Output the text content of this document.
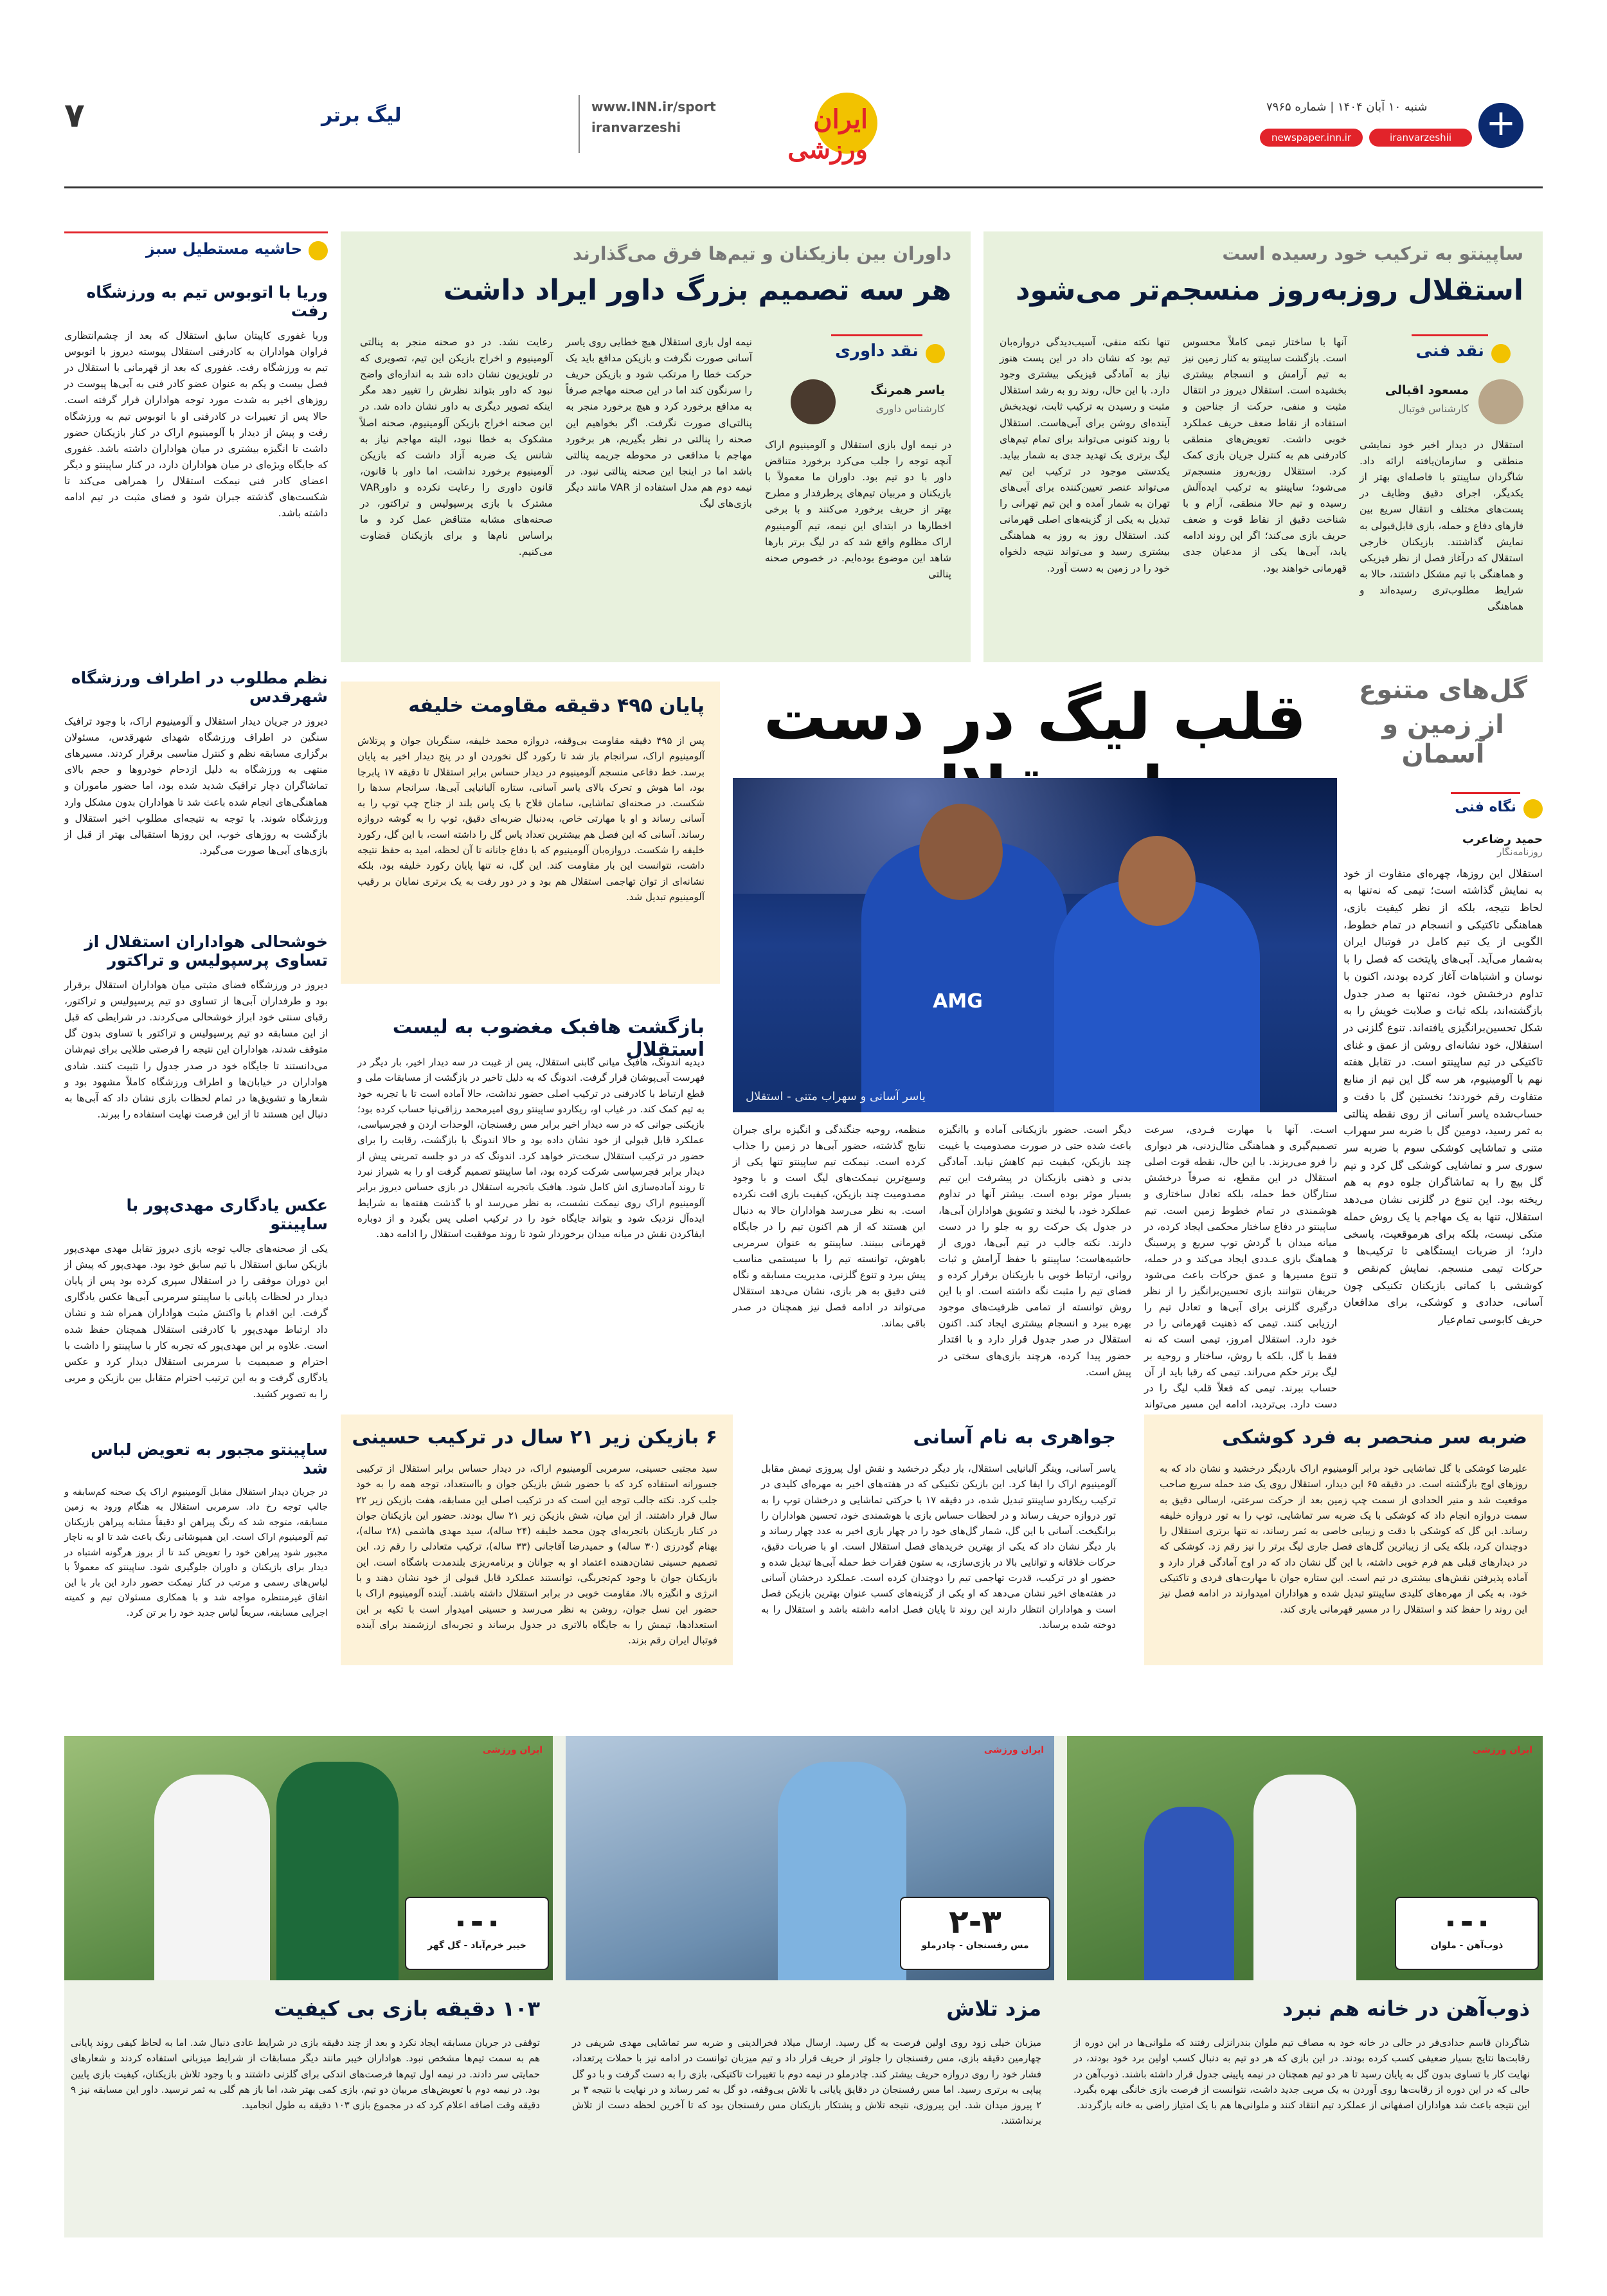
۷	لیگ برتر	www.INN.ir/sport
iranvarzeshi	ایران ورزشی
شنبه ۱۰ آبان ۱۴۰۴ | شماره ۷۹۶۵
newspaper.inn.ir	iranvarzeshii +
ساپینتو به ترکیب خود رسیده است
استقلال روزبه‌روز منسجم‌تر می‌شود
نقد فنی
مسعود اقبالی
کارشناس فوتبال

استقلال در دیدار اخیر خود نمایشی منطقی و سازمان‌یافته ارائه داد. شاگردان ساپینتو با فاصله‌ای بهتر از یکدیگر، اجرای دقیق وظایف در پست‌های مختلف و انتقال سریع بین فازهای دفاع و حمله، بازی قابل‌قبولی به نمایش گذاشتند. بازیکنان خارجی استقلال که درآغاز فصل از نظر فیزیکی و هماهنگی با تیم مشکل داشتند، حالا به شرایط مطلوب‌تری رسیده‌اند و هماهنگی

آنها با ساختار تیمی کاملاً محسوس است. بازگشت ساپینتو به کنار زمین نیز به تیم آرامش و انسجام بیشتری بخشیده است. استقلال دیروز در انتقال مثبت و منفی، حرکت از جناحین و استفاده از نقاط ضعف حریف عملکرد خوبی داشت. تعویض‌های منطقی کادرفنی هم به کنترل جریان بازی کمک کرد. استقلال روزبه‌روز منسجم‌تر می‌شود؛ ساپینتو به ترکیب ایده‌آلش رسیده و تیم حالا منطقی، آرام و با شناخت دقیق از نقاط قوت و ضعف حریف بازی می‌کند؛ اگر این روند ادامه یابد، آبی‌ها یکی از مدعیان جدی قهرمانی خواهند بود.

تنها نکته منفی، آسیب‌دیدگی دروازه‌بان تیم بود که نشان داد در این پست هنوز نیاز به آمادگی فیزیکی بیشتری وجود دارد. با این حال، روند رو به رشد استقلال مثبت و رسیدن به ترکیب ثابت، نوید‌بخش آینده‌ای روشن برای آبی‌هاست. استقلال با روند کنونی می‌تواند برای تمام تیم‌های لیگ برتری یک تهدید جدی به شمار بیاید. یکدستی موجود در ترکیب این تیم می‌تواند عنصر تعیین‌کننده برای آبی‌های تهران به شمار آمده و این تیم تهرانی را تبدیل به یکی از گزینه‌های اصلی قهرمانی کند. استقلال روز به روز به هماهنگی بیشتری رسید و می‌تواند نتیجه دلخواه خود را در زمین به دست آورد.

داوران بین بازیکنان و تیم‌ها فرق می‌گذارند
هر سه تصمیم بزرگ داور ایراد داشت
نقد داوری
یاسر همرنگ
کارشناس داوری

در نیمه اول بازی استقلال و آلومینیوم اراک آنچه توجه را جلب می‌کرد برخورد متناقض داور با دو تیم بود. داوران ما معمولاً با بازیکنان و مربیان تیم‌های پرطرفدار و مطرح بهتر از حریف برخورد می‌کنند و با برخی اخطارها در ابتدای این نیمه، تیم آلومینیوم اراک مظلوم واقع شد که در لیگ برتر بارها شاهد این موضوع بوده‌ایم. در خصوص صحنه پنالتی

نیمه اول بازی استقلال هیچ خطایی روی یاسر آسانی صورت نگرفت و بازیکن مدافع باید یک حرکت خطا را مرتکب شود و بازیکن حریف را سرنگون کند اما در این صحنه مهاجم صرفاً به مدافع برخورد کرد و هیچ برخورد منجر به پنالتی‌ای صورت نگرفت. اگر بخواهیم این صحنه را پنالتی در نظر بگیریم، هر برخورد مهاجم با مدافعی در محوطه جریمه پنالتی باشد اما در اینجا این صحنه پنالتی نبود. در نیمه دوم هم مدل استفاده از VAR مانند دیگر بازی‌های لیگ

رعایت نشد. در دو صحنه منجر به پنالتی آلومینیوم و اخراج بازیکن این تیم، تصویری که در تلویزیون نشان داده شد به اندازه‌ای واضح نبود که داور بتواند نظرش را تغییر دهد مگر اینکه تصویر دیگری به داور نشان داده شد. در این صحنه اخراج بازیکن آلومینیوم، صحنه اصلاً مشکوک به خطا نبود، البته مهاجم نیاز به شانس یک ضربه آزاد داشت که بازیکن آلومینیوم برخورد نداشت، اما داور با قانون، قانون داوری را رعایت نکرده و داورVAR مشترک با بازی پرسپولیس و تراکتور، در صحنه‌های مشابه متناقض عمل کرد و ما براساس نام‌ها و برای بازیکنان قضاوت می‌کنیم.

حاشیه مستطیل سبز
وریا با اتوبوس تیم به ورزشگاه رفت

وریا غفوری کاپیتان سابق استقلال که بعد از چشم‌انتظاری فراوان هواداران به کادرفنی استقلال پیوسته دیروز با اتوبوس تیم به ورزشگاه رفت. غفوری که بعد از قهرمانی با استقلال در فصل بیست و یکم به عنوان عضو کادر فنی به آبی‌ها پیوست در روزهای اخیر به شدت مورد توجه هواداران قرار گرفته است. حالا پس از تغییرات در کادرفنی او با اتوبوس تیم به ورزشگاه رفت و پیش از دیدار با آلومینیوم اراک در کنار بازیکنان حضور داشت تا انگیزه بیشتری در میان هواداران داشته باشد. غفوری که جایگاه ویژه‌ای در میان هواداران دارد، در کنار ساپینتو و دیگر اعضای کادر فنی نیمکت استقلال را همراهی می‌کند تا شکست‌های گذشته جبران شود و فضای مثبت در تیم ادامه داشته باشد.

نظم مطلوب در اطراف ورزشگاه شهرقدس

دیروز در جریان دیدار استقلال و آلومینیوم اراک، با وجود ترافیک سنگین در اطراف ورزشگاه شهدای شهرقدس، مسئولان برگزاری مسابقه نظم و کنترل مناسبی برقرار کردند. مسیرهای منتهی به ورزشگاه به دلیل ازدحام خودروها و حجم بالای تماشاگران دچار ترافیک شدید شده بود، اما حضور ماموران و هماهنگی‌های انجام شده باعث شد تا هواداران بدون مشکل وارد ورزشگاه شوند. با توجه به نتیجه‌ای مطلوب اخیر استقلال و بازگشت به روزهای خوب، این روزها استقبالی بهتر از قبل از بازی‌های آبی‌ها صورت می‌گیرد.

خوشحالی هواداران استقلال از تساوی پرسپولیس و تراکتور

دیروز در ورزشگاه فضای مثبتی میان هواداران استقلال برقرار بود و طرفداران آبی‌ها از تساوی دو تیم پرسپولیس و تراکتور، رقبای سنتی خود ابراز خوشحالی می‌کردند. در شرایطی که قبل از این مسابقه دو تیم پرسپولیس و تراکتور با تساوی بدون گل متوقف شدند، هواداران این نتیجه را فرصتی طلایی برای تیم‌شان می‌دانستند تا جایگاه خود در صدر جدول را تثبیت کنند. شادی هواداران در خیابان‌ها و اطراف ورزشگاه کاملاً مشهود بود و شعارها و تشویق‌ها در تمام لحظات بازی نشان داد که آبی‌ها به دنبال این هستند تا از این فرصت نهایت استفاده را ببرند.

عکس یادگاری مهدی‌پور با ساپینتو

یکی از صحنه‌های جالب توجه بازی دیروز تقابل مهدی مهدی‌پور بازیکن سابق استقلال با تیم سابق خود بود. مهدی‌پور که پیش از این دوران موفقی را در استقلال سپری کرده بود پس از پایان دیدار در لحظات پایانی با ساپینتو سرمربی آبی‌ها عکس یادگاری گرفت. این اقدام با واکنش مثبت هواداران همراه شد و نشان داد ارتباط مهدی‌پور با کادرفنی استقلال همچنان حفظ شده است. علاوه بر این مهدی‌پور که تجربه کار با ساپینتو را داشت با احترام و صمیمیت با سرمربی استقلال دیدار کرد و عکس یادگاری گرفت و به این ترتیب احترام متقابل بین بازیکن و مربی را به تصویر کشید.

ساپینتو مجبور به تعویض لباس شد

در جریان دیدار استقلال مقابل آلومینیوم اراک یک صحنه کم‌سابقه و جالب توجه رخ داد. سرمربی استقلال به هنگام ورود به زمین مسابقه، متوجه شد که رنگ پیراهن او دقیقاً مشابه پیراهن بازیکنان تیم آلومینیوم اراک است. این همپوشانی رنگ باعث شد تا او به ناچار مجبور شود پیراهن خود را تعویض کند تا از بروز هرگونه اشتباه در دیدار برای بازیکنان و داوران جلوگیری شود. ساپینتو که معمولاً با لباس‌های رسمی و مرتب در کنار نیمکت حضور دارد این بار با این اتفاق غیرمنتظره مواجه شد و با همکاری مسئولان تیم و کمیته اجرایی مسابقه، سریعاً لباس جدید خود را بر تن کرد.

گل‌های متنوع
از زمین و آسمان
نگاه فنی
حمید رضاعرب
روزنامه‌نگار

استقلال این روزها، چهره‌ای متفاوت از خود به نمایش گذاشته است؛ تیمی که نه‌تنها به لحاظ نتیجه، بلکه از نظر کیفیت بازی، هماهنگی تاکتیکی و انسجام در تمام خطوط، الگویی از یک تیم کامل در فوتبال ایران به‌شمار می‌آید. آبی‌های پایتخت که فصل را با نوسان و اشتباهات آغاز کرده بودند، اکنون با تداوم درخشش خود، نه‌تنها به صدر جدول بازگشته‌اند، بلکه ثبات و صلابت خویش را به شکل تحسین‌برانگیزی یافته‌اند. تنوع گلزنی در استقلال، خود نشانه‌ای روشن از عمق و غنای تاکتیکی در تیم ساپینتو است. در تقابل هفته نهم با آلومینیوم، هر سه گل این تیم از منابع متفاوت رقم خوردند؛ نخستین گل با دقت و حساب‌شده یاسر آسانی از روی نقطه پنالتی به ثمر رسید، دومین گل با ضربه سر سهراب متنی و تماشایی کوشکی سوم با ضربه سر سوری سر و تماشایی کوشکی گل کرد و تیم گل بیچ را به تماشاگران جلوه دوم به هم ریخته بود. این تنوع در گلزنی نشان می‌دهد استقلال، تنها به یک مهاجم یا یک روش حمله متکی نیست، بلکه برای هرموقعیت، پاسخی دارد؛ از ضربات ایستگاهی تا ترکیب‌ها و حرکات تیمی منسجم. نمایش کم‌نقص و کوششی با کمانی بازیکنان تکنیکی چون آسانی، حدادی و کوشکی، برای مدافعان حریف کابوسی تمام‌عیار

قلب لیگ در دست
AMG
یاسر آسانی و سهراب متنی - استقلال

اسـت. آنها با مهارت فـردی، سرعت تصمیم‌گیری و هماهنگی مثال‌زدنی، هر دیواری را فرو می‌ریزند. با این حال، نقطه قوت اصلی استقلال در این مقطع، نه صرفاً درخشش ستارگان خط حمله، بلکه تعادل ساختاری و هوشمندی در تمام خطوط زمین است. تیم ساپینتو در دفاع ساختار محکمی ایجاد کرده، در میانه میدان با گردش توپ سریع و پرسینگ هماهنگ بازی عـددی ایجاد می‌کند و در حمله، تنوع مسیرها و عمق حرکات باعث می‌شود حریفان نتوانند بازی تحسین‌برانگیز را از نظر درگیری گلزنی برای آبی‌ها و تعادل تیم را ارزیابی کنند. تیمی که ذهنیت قهرمانی را در خود دارد. استقلال امروز، تیمی است که نه فقط با گل، بلکه با روش، ساختار و روحیه بر لیگ برتر حکم می‌راند. تیمی که رقبا باید از آن حساب ببرند. تیمی که فعلاً قلب لیگ را در دست دارد. بی‌تردید، ادامه این مسیر می‌تواند

دیگر است. حضور بازیکنانی آماده و باانگیزه باعث شده حتی در صورت مصدومیت یا غیبت چند بازیکن، کیفیت تیم کاهش نیابد. آمادگی بدنی و ذهنی بازیکنان در پیشرفت این تیم بسیار موثر بوده است. بیشتر آنها در تداوم عملکرد خود، با لبخند و تشویق هواداران آبی‌ها، در جدول یک حرکت رو به جلو را در دست دارند. نکته جالب در تیم آبی‌ها، دوری از حاشیه‌هاست؛ ساپینتو با حفظ آرامش و ثبات روانی، ارتباط خوبی با بازیکنان برقرار کرده و فضای تیم را مثبت نگه داشته است. او با این روش توانسته از تمامی ظرفیت‌های موجود بهره ببرد و انسجام بیشتری ایجاد کند. اکنون استقلال در صدر جدول قرار دارد و با اقتدار حضور پیدا کرده، هرچند بازی‌های سختی در پیش است.

منظمه، روحیه جنگندگی و انگیزه برای جبران نتایج گذشته، حضور آبی‌ها در زمین را جذاب کرده است. نیمکت تیم ساپینتو تنها یکی از وسیع‌ترین نیمکت‌های لیگ است و با وجود مصدومیت چند بازیکن، کیفیت بازی افت نکرده است. به نظر می‌رسد هواداران حالا به دنبال این هستند که از هم اکنون تیم را در جایگاه قهرمانی ببینند. ساپینتو به عنوان سرمربی باهوش، توانسته تیم را با سیستمی مناسب پیش ببرد و تنوع گلزنی، مدیریت مسابقه و نگاه فنی دقیق به هر بازی، نشان می‌دهد استقلال می‌تواند در ادامه فصل نیز همچنان در صدر باقی بماند.

پایان ۴۹۵ دقیقه مقاومت خلیفه

پس از ۴۹۵ دقیقه مقاومت بی‌وقفه، دروازه محمد خلیفه، سنگربان جوان و پرتلاش آلومینیوم اراک، سرانجام باز شد تا رکورد گل نخوردن او در پنج دیدار اخیر به پایان برسد. خط دفاعی منسجم آلومینیوم در دیدار حساس برابر استقلال تا دقیقه ۱۷ پابرجا بود، اما هوش و تحرک بالای یاسر آسانی، ستاره آلبانیایی آبی‌ها، سرانجام سدها را شکست. در صحنه‌ای تماشایی، سامان فلاح با یک پاس بلند از جناح چپ توپ را به آسانی رساند و او با مهارتی خاص، به‌دنبال ضربه‌ای دقیق، توپ را به گوشه دروازه رساند. آسانی که این فصل هم بیشترین تعداد پاس گل را داشته است، با این گل، رکورد خلیفه را شکست. دروازه‌بان آلومینیوم که با دفاع جانانه تا آن لحظه، امید به حفظ نتیجه داشت، نتوانست این بار مقاومت کند. این گل، نه تنها پایان رکورد خلیفه بود، بلکه نشانه‌ای از توان تهاجمی استقلال هم بود و در دور رفت به یک برتری نمایان بر رقیب آلومینیوم تبدیل شد.

بازگشت هافبک مغضوب به لیست استقلال

دیدیه اندونگ، هافبک میانی گابنی استقلال، پس از غیبت در سه دیدار اخیر، بار دیگر در فهرست آبی‌پوشان قرار گرفت. اندونگ که به دلیل تاخیر در بازگشت از مسابقات ملی و قطع ارتباط با کادرفنی در ترکیب اصلی حضور نداشت، حالا آماده است تا با تجربه خود به تیم کمک کند. در غیاب او، ریکاردو ساپینتو روی امیرمحمد رزاقی‌نیا حساب کرده بود؛ بازیکنی جوانی که در سه دیدار اخیر برابر مس رفسنجان، الوحدات اردن و فجرسپاسی، عملکرد قابل قبولی از خود نشان داده بود و حالا اندونگ با بازگشت، رقابت را برای حضور در ترکیب استقلال سخت‌تر خواهد کرد. اندونگ که در دو جلسه تمرینی پیش از دیدار برابر فجرسپاسی شرکت کرده بود، اما ساپینتو تصمیم گرفت او را به شیراز نبرد تا روند آماده‌سازی اش کامل شود. هافبک باتجربه استقلال در بازی حساس دیروز برابر آلومینیوم اراک روی نیمکت نشست، به نظر می‌رسد او با گذشت هفته‌ها به شرایط ایده‌آل نزدیک شود و بتواند جایگاه خود را در ترکیب اصلی پس بگیرد و از دوباره ایفاکردن نقش در میانه میدان برخوردار شود تا روند موفقیت استقلال را ادامه دهد.

ضربه سر منحصر به فرد کوشکی

علیرضا کوشکی با گل تماشایی خود برابر آلومینیوم اراک باردیگر درخشید و نشان داد که به روزهای اوج بازگشته است. در دقیقه ۶۵ این دیدار، استقلال روی یک ضد حمله سریع صاحب موقعیت شد و منیر الحدادی از سمت چپ زمین بعد از حرکت سرعتی، ارسالی دقیق به سمت دروازه انجام داد که کوشکی با یک ضربه سر تماشایی، توپ را به تور دروازه خلیفه رساند. این گل که کوشکی با دقت و زیبایی خاصی به ثمر رساند، نه تنها برتری استقلال را دوچندان کرد، بلکه یکی از زیباترین گل‌های فصل جاری لیگ برتر را نیز رقم زد. کوشکی که در دیدارهای قبلی هم فرم خوبی داشته، با این گل نشان داد که در اوج آمادگی قرار دارد و آماده پذیرفتن نقش‌های بیشتری در تیم است. این ستاره جوان با مهارت‌های فردی و تاکتیکی خود، به یکی از مهره‌های کلیدی ساپینتو تبدیل شده و هواداران امیدوارند در ادامه فصل نیز این روند را حفظ کند و استقلال را در مسیر قهرمانی یاری کند.

جواهری به نام آسانی

یاسر آسانی، وینگر آلبانیایی استقلال، بار دیگر درخشید و نقش اول پیروزی تیمش مقابل آلومینیوم اراک را ایفا کرد. این بازیکن تکنیکی که در هفته‌های اخیر به مهره‌ای کلیدی در ترکیب ریکاردو ساپینتو تبدیل شده، در دقیقه ۱۷ با حرکتی تماشایی و درخشان توپ را به تور دروازه حریف رساند و در لحظات حساس بازی با هوشمندی خود، تحسین هواداران را برانگیخت. آسانی با این گل، شمار گل‌های خود را در چهار بازی اخیر به عدد چهار رساند و بار دیگر نشان داد که یکی از بهترین خریدهای فصل استقلال است. او با ضربات دقیق، حرکات خلاقانه و توانایی بالا در بازی‌سازی، به ستون فقرات خط حمله آبی‌ها تبدیل شده و حضور او در ترکیب، قدرت تهاجمی تیم را دوچندان کرده است. عملکرد درخشان آسانی در هفته‌های اخیر نشان می‌دهد که او یکی از گزینه‌های کسب عنوان بهترین بازیکن فصل است و هواداران انتظار دارند این روند تا پایان فصل ادامه داشته باشد و استقلال را به دوخته شده برساند.

۶ بازیکن زیر ۲۱ سال در ترکیب حسینی

سید مجتبی حسینی، سرمربی آلومینیوم اراک، در دیدار حساس برابر استقلال از ترکیبی جسورانه استفاده کرد که با حضور شش بازیکن جوان و بااستعداد، توجه همه را به خود جلب کرد. نکته جالب توجه این است که در ترکیب اصلی این مسابقه، هفت بازیکن زیر ۲۲ سال قرار داشتند. از این میان، شش بازیکن زیر ۲۱ سال بودند. حضور این بازیکنان جوان در کنار بازیکنان باتجربه‌ای چون محمد خلیفه (۲۴ ساله)، سید مهدی هاشمی (۲۸ ساله)، بهنام گودرزی (۳۰ ساله) و حمیدرضا آقاجانی (۳۳ ساله)، ترکیب متعادلی را رقم زد. این تصمیم حسینی نشان‌دهنده اعتماد او به جوانان و برنامه‌ریزی بلندمدت باشگاه است. این بازیکنان جوان با وجود کم‌تجربگی، توانستند عملکرد قابل قبولی از خود نشان دهند و با انرژی و انگیزه بالا، مقاومت خوبی در برابر استقلال داشته باشند. آینده آلومینیوم اراک با حضور این نسل جوان، روشن به نظر می‌رسد و حسینی امیدوار است با تکیه بر این استعدادها، تیمش را به جایگاه بالاتری در جدول برساند و تجربه‌ای ارزشمند برای آینده فوتبال ایران رقم بزند.

ایران ورزشی
۰-۰
ذوب‌آهن - ملوان
ذوب‌آهن در خانه هم نبرد

شاگردان قاسم حدادی‌فر در حالی در خانه خود به مصاف تیم ملوان بندرانزلی رفتند که ملوانی‌ها در این دوره از رقابت‌ها نتایج بسیار ضعیفی کسب کرده بودند. در این بازی که هر دو تیم به دنبال کسب اولین برد خود بودند، در نهایت کار با تساوی بدون گل به پایان رسید تا هر دو تیم همچنان در نیمه پایینی جدول قرار داشته باشند. ذوب‌آهن در حالی که در این دوره از رقابت‌ها روی آوردن به یک مربی جدید داشت، نتوانست از فرصت بازی خانگی بهره بگیرد. این نتیجه باعث شد هواداران اصفهانی از عملکرد تیم انتقاد کنند و ملوانی‌ها هم با یک امتیاز راضی به خانه بازگردند.

ایران ورزشی
۲-۳
مس رفسنجان - چادرملو
مزد تلاش

میزبان خیلی زود روی اولین فرصت به گل رسید. ارسال میلاد فخرالدینی و ضربه سر تماشایی مهدی شریفی در چهارمین دقیقه بازی، مس رفسنجان را جلوتر از حریف قرار داد و تیم میزبان توانست در ادامه نیز با حملات پرتعداد، فشار خود را روی دروازه حریف بیشتر کند. چادرملو در نیمه دوم با تغییرات تاکتیکی، بازی را به دست گرفت و با دو گل پیاپی به برتری رسید. اما مس رفسنجان در دقایق پایانی با تلاش بی‌وقفه، دو گل به ثمر رساند و در نهایت با نتیجه ۳ بر ۲ پیروز میدان شد. این پیروزی، نتیجه تلاش و پشتکار بازیکنان مس رفسنجان بود که تا آخرین لحظه دست از تلاش برنداشتند.

ایران ورزشی
۰-۰
خیبر خرم‌آباد - گل گهر
۱۰۳ دقیقه بازی بی کیفیت

توقفی در جریان مسابقه ایجاد نکرد و بعد از چند دقیقه بازی در شرایط عادی دنبال شد. اما به لحاظ کیفی روند پایانی هم به سمت تیم‌ها مشخص نبود. هواداران خیبر مانند دیگر مسابقات از شرایط میزبانی استفاده کردند و شعارهای حمایتی سر دادند. در نیمه اول تیم‌ها فرصت‌های اندکی برای گلزنی داشتند و با وجود تلاش بازیکنان، کیفیت بازی پایین بود. در نیمه دوم با تعویض‌های مربیان دو تیم، بازی کمی بهتر شد، اما باز هم گلی به ثمر نرسید. داور این مسابقه نیز ۹ دقیقه وقت اضافه اعلام کرد که در مجموع بازی ۱۰۳ دقیقه به طول انجامید.
